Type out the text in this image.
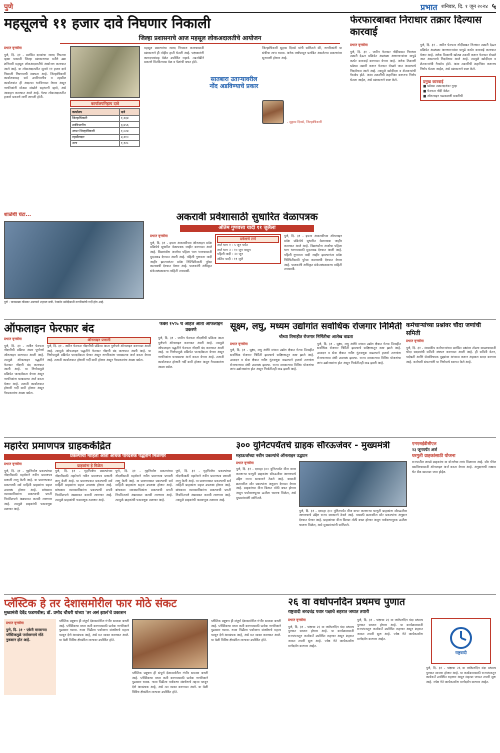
पुणे	प्रभात शनिवार, दि. १ जून २०२४ ५
महसूलचे ११ हजार दावे निघणार निकाली
जिल्हा प्रशासनाचे आज महसूल लोकअदालतीचे आयोजन
प्रभात वृत्तसेवा
पुणे, दि. ३१ - प्रलंबित दाव्यांचा जलद निपटारा व्हावा यासाठी जिल्हा प्रशासनाच्या वतीने उद्या शनिवारी महसूल लोकअदालतीचे आयोजन करण्यात आले आहे. या लोकअदालतीत सुमारे ११ हजार दावे निकाली निघण्याची शक्यता आहे. जिल्हाधिकारी कार्यालयासह सर्व उपविभागीय व तहसील कार्यालयांत ही अदालत भरविण्यात येणार असून नागरिकांनी मोठ्या संख्येने सहभागी व्हावे, असे आवाहन करण्यात आले आहे. गेल्या लोकअदालतीत हजारो प्रकरणे मार्गी लागली होती.
कार्यालयनिहाय दावे
कार्यालय	दावे
जिल्हाधिकारी	१,२३४
उपविभागीय	३,४५६
अप्पर जिल्हाधिकारी	१,०२४
तहसीलदार	४,२१०
अन्य	१,१२८
महसूल प्रकरणांचा जलद निपटारा करण्यासाठी प्रशासनाने ही मोहीम हाती घेतली आहे. पक्षकारांनी कागदपत्रांसह वेळेत उपस्थित राहावे. तडजोडीने प्रकरणे मिटविल्यास वेळ व पैशांची बचत होते.
सातबारा उताऱ्यावरील नोंद अडविण्याचे प्रकार
जिल्हाधिकारी सुहास दिवसे यांनी सांगितले की, नागरिकांनी या संधीचा लाभ घ्यावा. अनेक वर्षांपासून प्रलंबित असलेल्या प्रकरणांवर सुनावणी होणार आहे.
- सुहास दिवसे, जिल्हाधिकारी
फेरफारबाबत निराधार तक्रार दिल्यास कारवाई
प्रभात वृत्तसेवा
पुणे, दि. ३१ - जमीन फेरफार नोंदींबाबत निराधार तक्रारी देऊन प्रक्रियेत अडथळा आणणाऱ्यांवर यापुढे कठोर कारवाई करण्यात येणार आहे. अनेक ठिकाणी खोट्या तक्रारी करून फेरफार रोखले जात असल्याचे निदर्शनास आले आहे. त्यामुळे खरेदीदार व शेतकऱ्यांची गैरसोय होते. अशा तक्रारींची शहानिशा करूनच निर्णय घेतला जाईल, असे प्रशासनाने स्पष्ट केले.
पुणे, दि. ३१ - जमीन फेरफार नोंदींबाबत निराधार तक्रारी देऊन प्रक्रियेत अडथळा आणणाऱ्यांवर यापुढे कठोर कारवाई करण्यात येणार आहे. अनेक ठिकाणी खोट्या तक्रारी करून फेरफार रोखले जात असल्याचे निदर्शनास आले आहे. त्यामुळे खरेदीदार व शेतकऱ्यांची गैरसोय होते. अशा तक्रारींची शहानिशा करूनच निर्णय घेतला जाईल, असे प्रशासनाने स्पष्ट केले.
प्रमुख कारवाई
■ खोट्या तक्रारदारांवर गुन्हा
■ फेरफार नोंदी वेळेत
■ ऑनलाइन पडताळणी सक्तीची
शाळेची घंटा...
पुणे : पावसाळा तोंडावर आल्याने शहरात छत्री, रेनकोट खरेदीसाठी नागरिकांची गर्दी होत आहे.
अकरावी प्रवेशासाठी सुधारित वेळापत्रक
अंतिम गुणवत्ता यादी ११ जुलैला
प्रभात वृत्तसेवा
पुणे, दि. ३१ - इयत्ता अकरावीच्या ऑनलाइन प्रवेश प्रक्रियेचे सुधारित वेळापत्रक जाहीर करण्यात आले आहे. विद्यार्थ्यांना अर्जाचा पहिला भाग भरण्यासाठी मुदतवाढ देण्यात आली आहे. पहिली गुणवत्ता यादी जाहीर झाल्यानंतर प्रवेश निश्चितीसाठी पुरेसा कालावधी देण्यात येणार आहे. पालकांनी अधिकृत संकेतस्थळावरच माहिती तपासावी.
प्रवेशाचे टप्पे
अर्ज भाग १ : ५ जून पर्यंत
अर्ज भाग २ : १० जून पासून
पहिली यादी : २० जून
अंतिम यादी : ११ जुलै
पुणे, दि. ३१ - इयत्ता अकरावीच्या ऑनलाइन प्रवेश प्रक्रियेचे सुधारित वेळापत्रक जाहीर करण्यात आले आहे. विद्यार्थ्यांना अर्जाचा पहिला भाग भरण्यासाठी मुदतवाढ देण्यात आली आहे. पहिली गुणवत्ता यादी जाहीर झाल्यानंतर प्रवेश निश्चितीसाठी पुरेसा कालावधी देण्यात येणार आहे. पालकांनी अधिकृत संकेतस्थळावरच माहिती तपासावी.
ऑफलाइन फेरफार बंद
प्रभात वृत्तसेवा
पुणे, दि. ३१ - जमीन फेरफार नोंदणीची प्रक्रिया आता पूर्णपणे ऑनलाइन करण्यात आली आहे. त्यामुळे ऑफलाइन पद्धतीने फेरफार नोंदणी बंद करण्यात आली आहे. या निर्णयामुळे प्रक्रियेत पारदर्शकता येणार असून नागरिकांना घरबसल्या अर्ज करता येणार आहे. तलाठी कार्यालयात होणारी गर्दी कमी होणार असून गैरप्रकारांना आळा बसेल.
ऑनलाइन प्रणाली
पुणे, दि. ३१ - जमीन फेरफार नोंदणीची प्रक्रिया आता पूर्णपणे ऑनलाइन करण्यात आली आहे. त्यामुळे ऑफलाइन पद्धतीने फेरफार नोंदणी बंद करण्यात आली आहे. या निर्णयामुळे प्रक्रियेत पारदर्शकता येणार असून नागरिकांना घरबसल्या अर्ज करता येणार आहे. तलाठी कार्यालयात होणारी गर्दी कमी होणार असून गैरप्रकारांना आळा बसेल.
फक्त १५% च आहेत आता ऑफलाइन प्रकरणे
पुणे, दि. ३१ - जमीन फेरफार नोंदणीची प्रक्रिया आता पूर्णपणे ऑनलाइन करण्यात आली आहे. त्यामुळे ऑफलाइन पद्धतीने फेरफार नोंदणी बंद करण्यात आली आहे. या निर्णयामुळे प्रक्रियेत पारदर्शकता येणार असून नागरिकांना घरबसल्या अर्ज करता येणार आहे. तलाठी कार्यालयात होणारी गर्दी कमी होणार असून गैरप्रकारांना आळा बसेल.
सूक्ष्म, लघु, मध्यम उद्योगांत सर्वाधिक रोजगार निर्मिती
चौथ्या तिमाहीत रोजगार निर्मितीचा आलेख वाढता
प्रभात वृत्तसेवा
पुणे, दि. ३१ - सूक्ष्म, लघु आणि मध्यम उद्योग क्षेत्रात गेल्या तिमाहीत सर्वाधिक रोजगार निर्मिती झाल्याचे सर्वेक्षणातून स्पष्ट झाले आहे. उत्पादन व सेवा क्षेत्रात नवीन गुंतवणूक वाढल्याने हजारो तरुणांना रोजगाराच्या संधी उपलब्ध झाल्या. राज्य सरकारच्या विविध योजनांचा लाभ उद्योजकांना होत असून निर्यातीतही वाढ झाली आहे.
पुणे, दि. ३१ - सूक्ष्म, लघु आणि मध्यम उद्योग क्षेत्रात गेल्या तिमाहीत सर्वाधिक रोजगार निर्मिती झाल्याचे सर्वेक्षणातून स्पष्ट झाले आहे. उत्पादन व सेवा क्षेत्रात नवीन गुंतवणूक वाढल्याने हजारो तरुणांना रोजगाराच्या संधी उपलब्ध झाल्या. राज्य सरकारच्या विविध योजनांचा लाभ उद्योजकांना होत असून निर्यातीतही वाढ झाली आहे.
कर्मचाऱ्यांच्या प्रश्नांवर चौदा जणांची समिती
प्रभात वृत्तसेवा
पुणे, दि. ३१ - शासकीय कर्मचाऱ्यांच्या प्रलंबित प्रश्नांवर तोडगा काढण्यासाठी चौदा सदस्यांची समिती स्थापन करण्यात आली आहे. ही समिती वेतन, पदोन्नती आणि सेवाविषयक मुद्द्यांवर अभ्यास करून अहवाल सादर करणार आहे. कर्मचारी संघटनांनी या निर्णयाचे स्वागत केले आहे.
महारेरा प्रमाणपत्र ग्राहककेंद्रित
प्रकल्पांची माहिती आता अधिक पारदर्शक पद्धतीने मिळणार
प्रभात वृत्तसेवा
पुणे, दि. ३१ - गृहनिर्माण प्रकल्पांच्या नोंदणीसाठी महारेराने नवीन प्रमाणपत्र प्रणाली लागू केली आहे. या प्रमाणपत्रात प्रकल्पाची सर्व माहिती ग्राहकांना सहज उपलब्ध होणार आहे. बांधकाम व्यावसायिकांना प्रकल्पाची प्रगती नियमितपणे अद्ययावत करावी लागणार आहे. त्यामुळे ग्राहकांची फसवणूक टळणार आहे.
ग्राहकांना हे मिळेल
पुणे, दि. ३१ - गृहनिर्माण प्रकल्पांच्या नोंदणीसाठी महारेराने नवीन प्रमाणपत्र प्रणाली लागू केली आहे. या प्रमाणपत्रात प्रकल्पाची सर्व माहिती ग्राहकांना सहज उपलब्ध होणार आहे. बांधकाम व्यावसायिकांना प्रकल्पाची प्रगती नियमितपणे अद्ययावत करावी लागणार आहे. त्यामुळे ग्राहकांची फसवणूक टळणार आहे.
पुणे, दि. ३१ - गृहनिर्माण प्रकल्पांच्या नोंदणीसाठी महारेराने नवीन प्रमाणपत्र प्रणाली लागू केली आहे. या प्रमाणपत्रात प्रकल्पाची सर्व माहिती ग्राहकांना सहज उपलब्ध होणार आहे. बांधकाम व्यावसायिकांना प्रकल्पाची प्रगती नियमितपणे अद्ययावत करावी लागणार आहे. त्यामुळे ग्राहकांची फसवणूक टळणार आहे.
पुणे, दि. ३१ - गृहनिर्माण प्रकल्पांच्या नोंदणीसाठी महारेराने नवीन प्रमाणपत्र प्रणाली लागू केली आहे. या प्रमाणपत्रात प्रकल्पाची सर्व माहिती ग्राहकांना सहज उपलब्ध होणार आहे. बांधकाम व्यावसायिकांना प्रकल्पाची प्रगती नियमितपणे अद्ययावत करावी लागणार आहे. त्यामुळे ग्राहकांची फसवणूक टळणार आहे.
३०० युनिटपर्यंतचे ग्राहक सौरऊर्जेवर - मुख्यमंत्री
महाऊर्जाच्या नवीन प्रकल्पांचे ऑनलाइन उद्घाटन
प्रभात वृत्तसेवा
पुणे, दि. ३१ - दरमहा ३०० युनिटपर्यंत वीज वापर करणाऱ्या घरगुती ग्राहकांना सौरऊर्जेवर आणण्याचे उद्दिष्ट राज्य सरकारने ठेवले आहे. यासाठी छतावरील सौर प्रकल्पांना अनुदान देण्यात येणार आहे. ग्राहकांच्या वीज बिलात मोठी बचत होणार असून पर्यावरणपूरक ऊर्जेला चालना मिळेल, असे मुख्यमंत्र्यांनी सांगितले.
पुणे, दि. ३१ - दरमहा ३०० युनिटपर्यंत वीज वापर करणाऱ्या घरगुती ग्राहकांना सौरऊर्जेवर आणण्याचे उद्दिष्ट राज्य सरकारने ठेवले आहे. यासाठी छतावरील सौर प्रकल्पांना अनुदान देण्यात येणार आहे. ग्राहकांच्या वीज बिलात मोठी बचत होणार असून पर्यावरणपूरक ऊर्जेला चालना मिळेल, असे मुख्यमंत्र्यांनी सांगितले.
एमएसईडीसीएल
२३ जूनपर्यंत अर्ज
घरगुती ग्राहकांसाठी योजना
राज्यातील लाखो ग्राहकांना या योजनेचा लाभ मिळणार आहे. सौर पॅनेल बसविण्यासाठी ऑनलाइन अर्ज करता येणार आहे. अनुदानाची रक्कम थेट बँक खात्यात जमा होईल.
प्लॅस्टिक हे तर देशासमोरील फार मोठे संकट
मुख्यमंत्री देवेंद्र फडणवीस; डॉ. प्रमोद चौधरी यांच्या 'तर असं झालं'चे प्रकाशन
प्रभात वृत्तसेवा
पुणे, दि. ३१ - एकेरी वापराच्या प्लॅस्टिकमुळे पर्यावरणाचे मोठे नुकसान होत आहे.
प्लॅस्टिक प्रदूषण ही संपूर्ण देशासमोरील गंभीर समस्या बनली आहे. प्लॅस्टिकचा वापर कमी करण्यासाठी प्रत्येक नागरिकाने पुढाकार घ्यावा. नव्या पिढीला पर्यावरण संवर्धनाचे महत्त्व पटवून देणे आवश्यक आहे, असे मत व्यक्त करण्यात आले. या वेळी विविध क्षेत्रांतील मान्यवर उपस्थित होते.
प्लॅस्टिक प्रदूषण ही संपूर्ण देशासमोरील गंभीर समस्या बनली आहे. प्लॅस्टिकचा वापर कमी करण्यासाठी प्रत्येक नागरिकाने पुढाकार घ्यावा. नव्या पिढीला पर्यावरण संवर्धनाचे महत्त्व पटवून देणे आवश्यक आहे, असे मत व्यक्त करण्यात आले. या वेळी विविध क्षेत्रांतील मान्यवर उपस्थित होते.
प्लॅस्टिक प्रदूषण ही संपूर्ण देशासमोरील गंभीर समस्या बनली आहे. प्लॅस्टिकचा वापर कमी करण्यासाठी प्रत्येक नागरिकाने पुढाकार घ्यावा. नव्या पिढीला पर्यावरण संवर्धनाचे महत्त्व पटवून देणे आवश्यक आहे, असे मत व्यक्त करण्यात आले. या वेळी विविध क्षेत्रांतील मान्यवर उपस्थित होते.
२६ वा वर्धापनदिन प्रथमच पुणात
राष्ट्रवादी शरदचंद्र पवार पक्षाचे शहरात जय्यत तयारी
प्रभात वृत्तसेवा
पुणे, दि. ३१ - पक्षाचा २६ वा वर्धापनदिन यंदा प्रथमच पुण्यात साजरा होणार आहे. या कार्यक्रमासाठी राज्यभरातून कार्यकर्ते उपस्थित राहणार असून शहरात जय्यत तयारी सुरू आहे. ज्येष्ठ नेते कार्यकर्त्यांना मार्गदर्शन करणार आहेत.
पुणे, दि. ३१ - पक्षाचा २६ वा वर्धापनदिन यंदा प्रथमच पुण्यात साजरा होणार आहे. या कार्यक्रमासाठी राज्यभरातून कार्यकर्ते उपस्थित राहणार असून शहरात जय्यत तयारी सुरू आहे. ज्येष्ठ नेते कार्यकर्त्यांना मार्गदर्शन करणार आहेत.
राष्ट्रवादी
पुणे, दि. ३१ - पक्षाचा २६ वा वर्धापनदिन यंदा प्रथमच पुण्यात साजरा होणार आहे. या कार्यक्रमासाठी राज्यभरातून कार्यकर्ते उपस्थित राहणार असून शहरात जय्यत तयारी सुरू आहे. ज्येष्ठ नेते कार्यकर्त्यांना मार्गदर्शन करणार आहेत.
